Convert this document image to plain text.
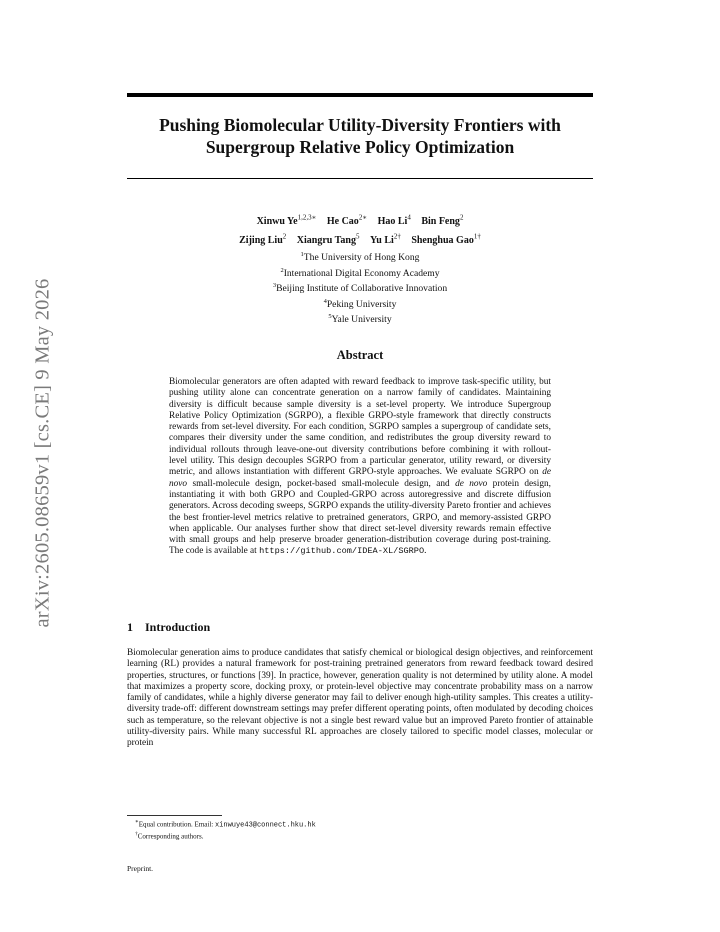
arXiv:2605.08659v1 [cs.CE] 9 May 2026
Pushing Biomolecular Utility-Diversity Frontiers with Supergroup Relative Policy Optimization
Xinwu $Ye^{1,2,3∗}$ He Cao$^{2∗}$ Hao Li$^4$ Bin Feng$^2$
Zijing Liu$^2$ Xiangru Tang$^5$ Yu $Li^{2\dagger}$ Shenghua Gao$^{1\dagger}$
$^1$The University of Hong Kong
$^2$International Digital Economy Academy
$^3$Beijing Institute of Collaborative Innovation
$^4$Peking University
$^5$Yale University
Abstract
Biomolecular generators are often adapted with reward feedback to improve task-specific utility, but pushing utility alone can concentrate generation on a narrow family of candidates. Maintaining diversity is difficult because sample diversity is a set-level property. We introduce Supergroup Relative Policy Optimization (SGRPO), a flexible GRPO-style framework that directly constructs rewards from set-level diversity. For each condition, SGRPO samples a supergroup of candidate sets, compares their diversity under the same condition, and redistributes the group diversity reward to individual rollouts through leave-one-out diversity contributions before combining it with rollout-level utility. This design decouples SGRPO from a particular generator, utility reward, or diversity metric, and allows instantiation with different GRPO-style approaches. We evaluate SGRPO on de novo small-molecule design, pocket-based small-molecule design, and de novo protein design, instantiating it with both GRPO and Coupled-GRPO across autoregressive and discrete diffusion generators. Across decoding sweeps, SGRPO expands the utility-diversity Pareto frontier and achieves the best frontier-level metrics relative to pretrained generators, GRPO, and memory-assisted GRPO when applicable. Our analyses further show that direct set-level diversity rewards remain effective with small groups and help preserve broader generation-distribution coverage during post-training. The code is available at https://github.com/IDEA-XL/SGRPO.
1 Introduction
Biomolecular generation aims to produce candidates that satisfy chemical or biological design objectives, and reinforcement learning (RL) provides a natural framework for post-training pretrained generators from reward feedback toward desired properties, structures, or functions [39]. In practice, however, generation quality is not determined by utility alone. A model that maximizes a property score, docking proxy, or protein-level objective may concentrate probability mass on a narrow family of candidates, while a highly diverse generator may fail to deliver enough high-utility samples. This creates a utility-diversity trade-off: different downstream settings may prefer different operating points, often modulated by decoding choices such as temperature, so the relevant objective is not a single best reward value but an improved Pareto frontier of attainable utility-diversity pairs. While many successful RL approaches are closely tailored to specific model classes, molecular or protein
∗Equal contribution. Email: xinwuye43@connect.hku.hk
†Corresponding authors.
Preprint.
